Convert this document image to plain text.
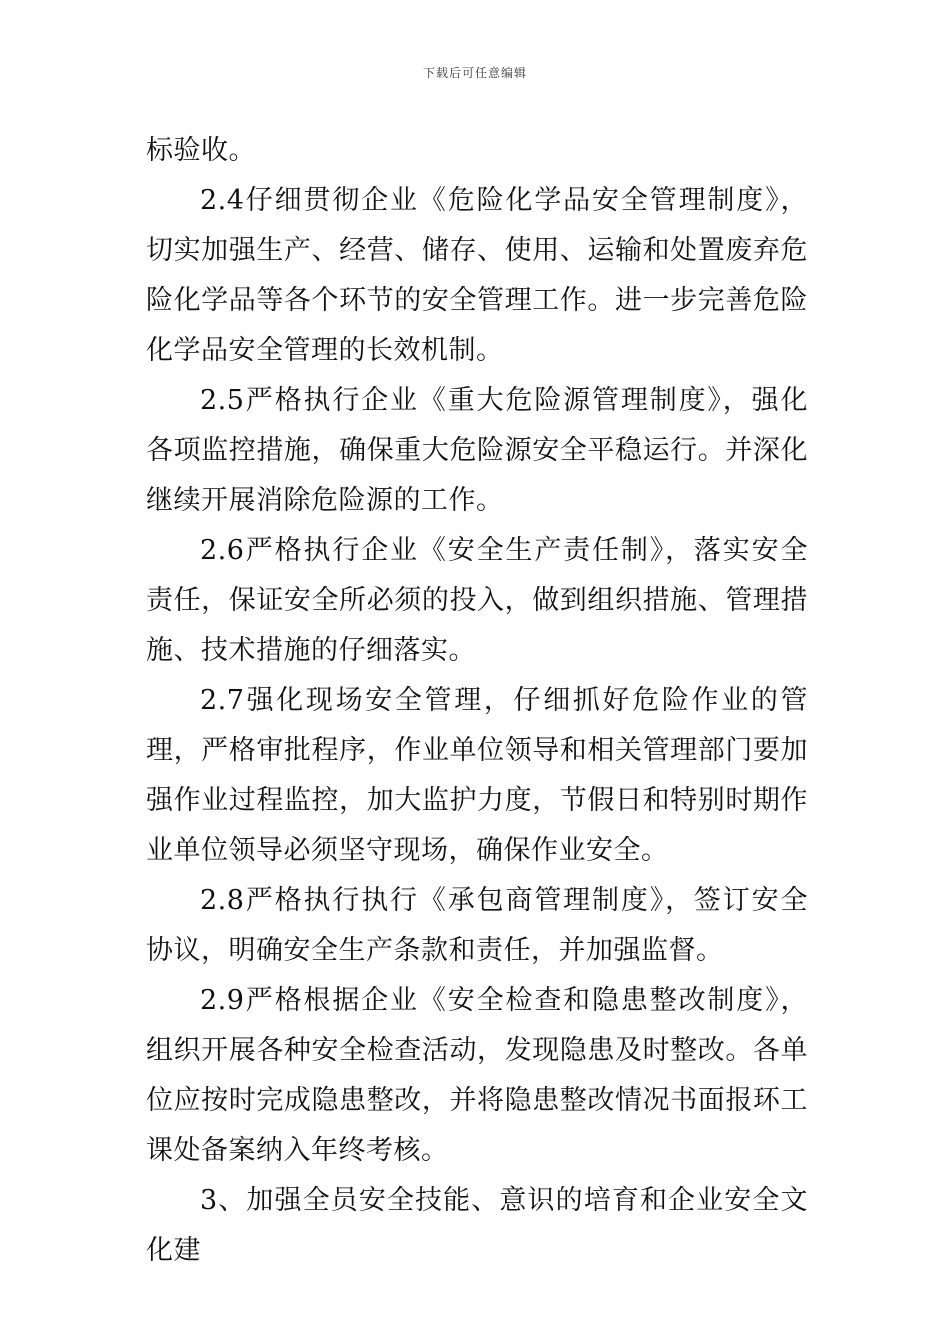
下载后可任意编辑

标验收。

2.4仔细贯彻企业《危险化学品安全管理制度》，切实加强生产、经营、储存、使用、运输和处置废弃危险化学品等各个环节的安全管理工作。进一步完善危险化学品安全管理的长效机制。

2.5严格执行企业《重大危险源管理制度》，强化各项监控措施，确保重大危险源安全平稳运行。并深化继续开展消除危险源的工作。

2.6严格执行企业《安全生产责任制》，落实安全责任，保证安全所必须的投入，做到组织措施、管理措施、技术措施的仔细落实。

2.7强化现场安全管理，仔细抓好危险作业的管理，严格审批程序，作业单位领导和相关管理部门要加强作业过程监控，加大监护力度，节假日和特别时期作业单位领导必须坚守现场，确保作业安全。

2.8严格执行执行《承包商管理制度》，签订安全协议，明确安全生产条款和责任，并加强监督。

2.9严格根据企业《安全检查和隐患整改制度》，组织开展各种安全检查活动，发现隐患及时整改。各单位应按时完成隐患整改，并将隐患整改情况书面报环工课处备案纳入年终考核。

3、加强全员安全技能、意识的培育和企业安全文化建
